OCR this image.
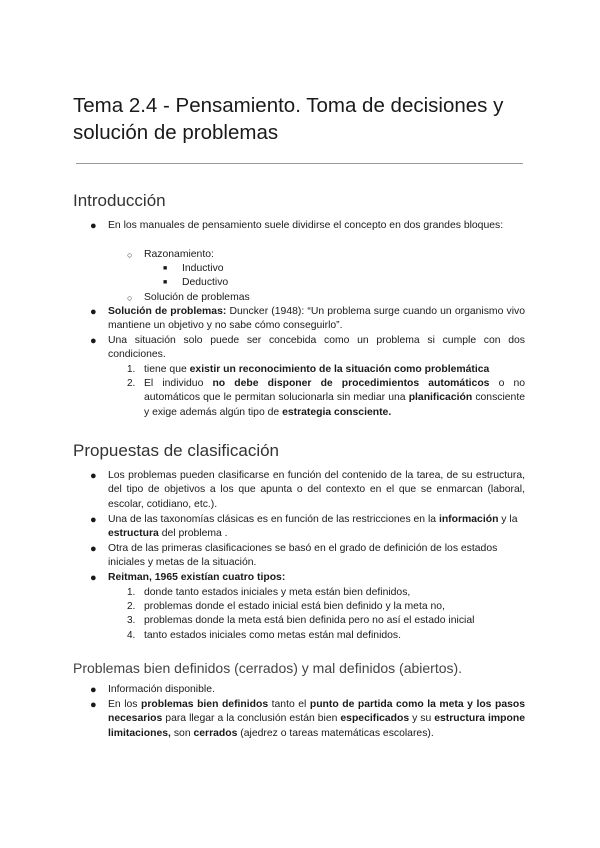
Tema 2.4 - Pensamiento. Toma de decisiones y solución de problemas
Introducción
● En los manuales de pensamiento suele dividirse el concepto en dos grandes bloques:

○ Razonamiento:

■ Inductivo

■ Deductivo

○ Solución de problemas

● Solución de problemas: Duncker (1948): “Un problema surge cuando un organismo vivo mantiene un objetivo y no sabe cómo conseguirlo”.

● Una situación solo puede ser concebida como un problema si cumple con dos condiciones.

1. tiene que existir un reconocimiento de la situación como problemática

2. El individuo no debe disponer de procedimientos automáticos o no automáticos que le permitan solucionarla sin mediar una planificación consciente y exige además algún tipo de estrategia consciente.

Propuestas de clasificación
● Los problemas pueden clasificarse en función del contenido de la tarea, de su estructura, del tipo de objetivos a los que apunta o del contexto en el que se enmarcan (laboral, escolar, cotidiano, etc.).

● Una de las taxonomías clásicas es en función de las restricciones en la información y la estructura del problema .

● Otra de las primeras clasificaciones se basó en el grado de definición de los estados iniciales y metas de la situación.

● Reitman, 1965 existían cuatro tipos:

1. donde tanto estados iniciales y meta están bien definidos,

2. problemas donde el estado inicial está bien definido y la meta no,

3. problemas donde la meta está bien definida pero no así el estado inicial

4. tanto estados iniciales como metas están mal definidos.

Problemas bien definidos (cerrados) y mal definidos (abiertos).
● Información disponible.

● En los problemas bien definidos tanto el punto de partida como la meta y los pasos necesarios para llegar a la conclusión están bien especificados y su estructura impone limitaciones, son cerrados (ajedrez o tareas matemáticas escolares).
